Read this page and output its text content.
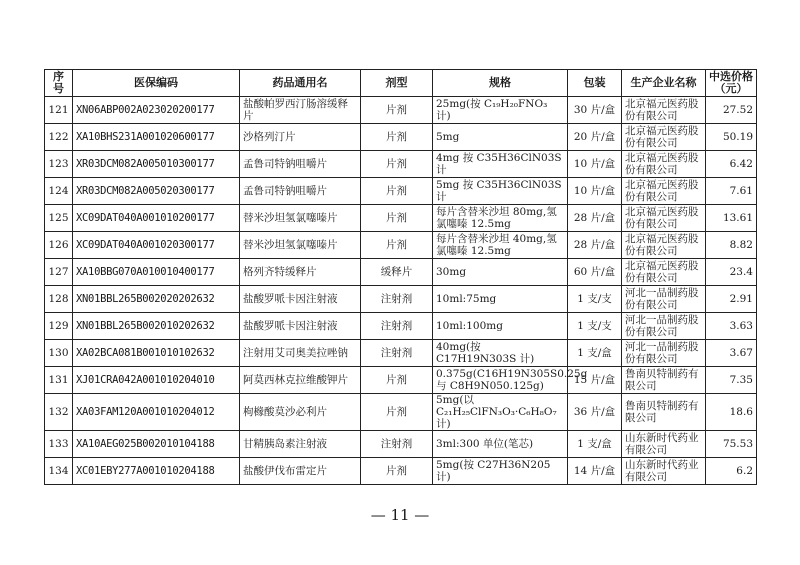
序号	医保编码	药品通用名	剂型	规格	包装	生产企业名称	中选价格（元）
121	XN06ABP002A023020200177	盐酸帕罗西汀肠溶缓释片	片剂	25mg(按 C₁₉H₂₀FNO₃ 计)	30 片/盒	北京福元医药股份有限公司	27.52
122	XA10BHS231A001020600177	沙格列汀片	片剂	5mg	20 片/盒	北京福元医药股份有限公司	50.19
123	XR03DCM082A005010300177	孟鲁司特钠咀嚼片	片剂	4mg 按 C35H36ClN03S 计	10 片/盒	北京福元医药股份有限公司	6.42
124	XR03DCM082A005020300177	孟鲁司特钠咀嚼片	片剂	5mg 按 C35H36ClN03S 计	10 片/盒	北京福元医药股份有限公司	7.61
125	XC09DAT040A001010200177	替米沙坦氢氯噻嗪片	片剂	每片含替米沙坦 80mg,氢氯噻嗪 12.5mg	28 片/盒	北京福元医药股份有限公司	13.61
126	XC09DAT040A001020300177	替米沙坦氢氯噻嗪片	片剂	每片含替米沙坦 40mg,氢氯噻嗪 12.5mg	28 片/盒	北京福元医药股份有限公司	8.82
127	XA10BBG070A010010400177	格列齐特缓释片	缓释片	30mg	60 片/盒	北京福元医药股份有限公司	23.4
128	XN01BBL265B002020202632	盐酸罗哌卡因注射液	注射剂	10ml:75mg	1 支/支	河北一品制药股份有限公司	2.91
129	XN01BBL265B002010202632	盐酸罗哌卡因注射液	注射剂	10ml:100mg	1 支/支	河北一品制药股份有限公司	3.63
130	XA02BCA081B001010102632	注射用艾司奥美拉唑钠	注射剂	40mg(按 C17H19N303S 计)	1 支/盒	河北一品制药股份有限公司	3.67
131	XJ01CRA042A001010204010	阿莫西林克拉维酸钾片	片剂	0.375g(C16H19N305S0.25g 与 C8H9N050.125g)	15 片/盒	鲁南贝特制药有限公司	7.35
132	XA03FAM120A001010204012	枸橼酸莫沙必利片	片剂	5mg(以 C₂₁H₂₅ClFN₃O₃·C₆H₈O₇ 计)	36 片/盒	鲁南贝特制药有限公司	18.6
133	XA10AEG025B002010104188	甘精胰岛素注射液	注射剂	3ml:300 单位(笔芯)	1 支/盒	山东新时代药业有限公司	75.53
134	XC01EBY277A001010204188	盐酸伊伐布雷定片	片剂	5mg(按 C27H36N205 计)	14 片/盒	山东新时代药业有限公司	6.2
— 11 —
